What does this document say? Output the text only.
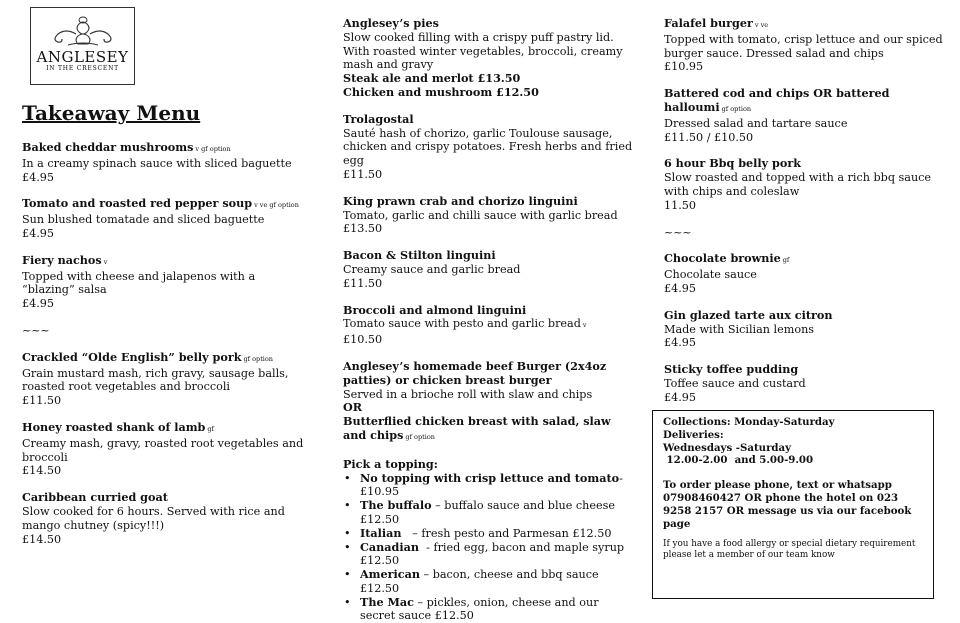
ANGLESEY
IN THE CRESCENT
Takeaway Menu
Baked cheddar mushrooms v gf option
In a creamy spinach sauce with sliced baguette
£4.95
Tomato and roasted red pepper soup v ve gf option
Sun blushed tomatade and sliced baguette
£4.95
Fiery nachos v
Topped with cheese and jalapenos with a “blazing” salsa
£4.95
~~~
Crackled “Olde English” belly pork gf option
Grain mustard mash, rich gravy, sausage balls, roasted root vegetables and broccoli
£11.50
Honey roasted shank of lamb gf
Creamy mash, gravy, roasted root vegetables and broccoli
£14.50
Caribbean curried goat
Slow cooked for 6 hours. Served with rice and mango chutney (spicy!!!)
£14.50
Anglesey’s pies
Slow cooked filling with a crispy puff pastry lid. With roasted winter vegetables, broccoli, creamy mash and gravy
Steak ale and merlot £13.50
Chicken and mushroom £12.50
Trolagostal
Sauté hash of chorizo, garlic Toulouse sausage, chicken and crispy potatoes. Fresh herbs and fried egg
£11.50
King prawn crab and chorizo linguini
Tomato, garlic and chilli sauce with garlic bread
£13.50
Bacon & Stilton linguini
Creamy sauce and garlic bread
£11.50
Broccoli and almond linguini
Tomato sauce with pesto and garlic bread v
£10.50
Anglesey’s homemade beef Burger (2x4oz patties) or chicken breast burger
Served in a brioche roll with slaw and chips
OR
Butterflied chicken breast with salad, slaw and chips gf option
Pick a topping:
• No topping with crisp lettuce and tomato- £10.95
• The buffalo – buffalo sauce and blue cheese £12.50
• Italian   – fresh pesto and Parmesan £12.50
• Canadian  - fried egg, bacon and maple syrup £12.50
• American – bacon, cheese and bbq sauce £12.50
• The Mac – pickles, onion, cheese and our secret sauce £12.50
Falafel burger v ve
Topped with tomato, crisp lettuce and our spiced burger sauce. Dressed salad and chips
£10.95
Battered cod and chips OR battered halloumi gf option
Dressed salad and tartare sauce
£11.50 / £10.50
6 hour Bbq belly pork
Slow roasted and topped with a rich bbq sauce with chips and coleslaw
11.50
~~~
Chocolate brownie gf
Chocolate sauce
£4.95
Gin glazed tarte aux citron
Made with Sicilian lemons
£4.95
Sticky toffee pudding
Toffee sauce and custard
£4.95
Collections: Monday-Saturday
Deliveries:
Wednesdays -Saturday
12.00-2.00  and 5.00-9.00
To order please phone, text or whatsapp 07908460427 OR phone the hotel on 023 9258 2157 OR message us via our facebook page
If you have a food allergy or special dietary requirement please let a member of our team know
